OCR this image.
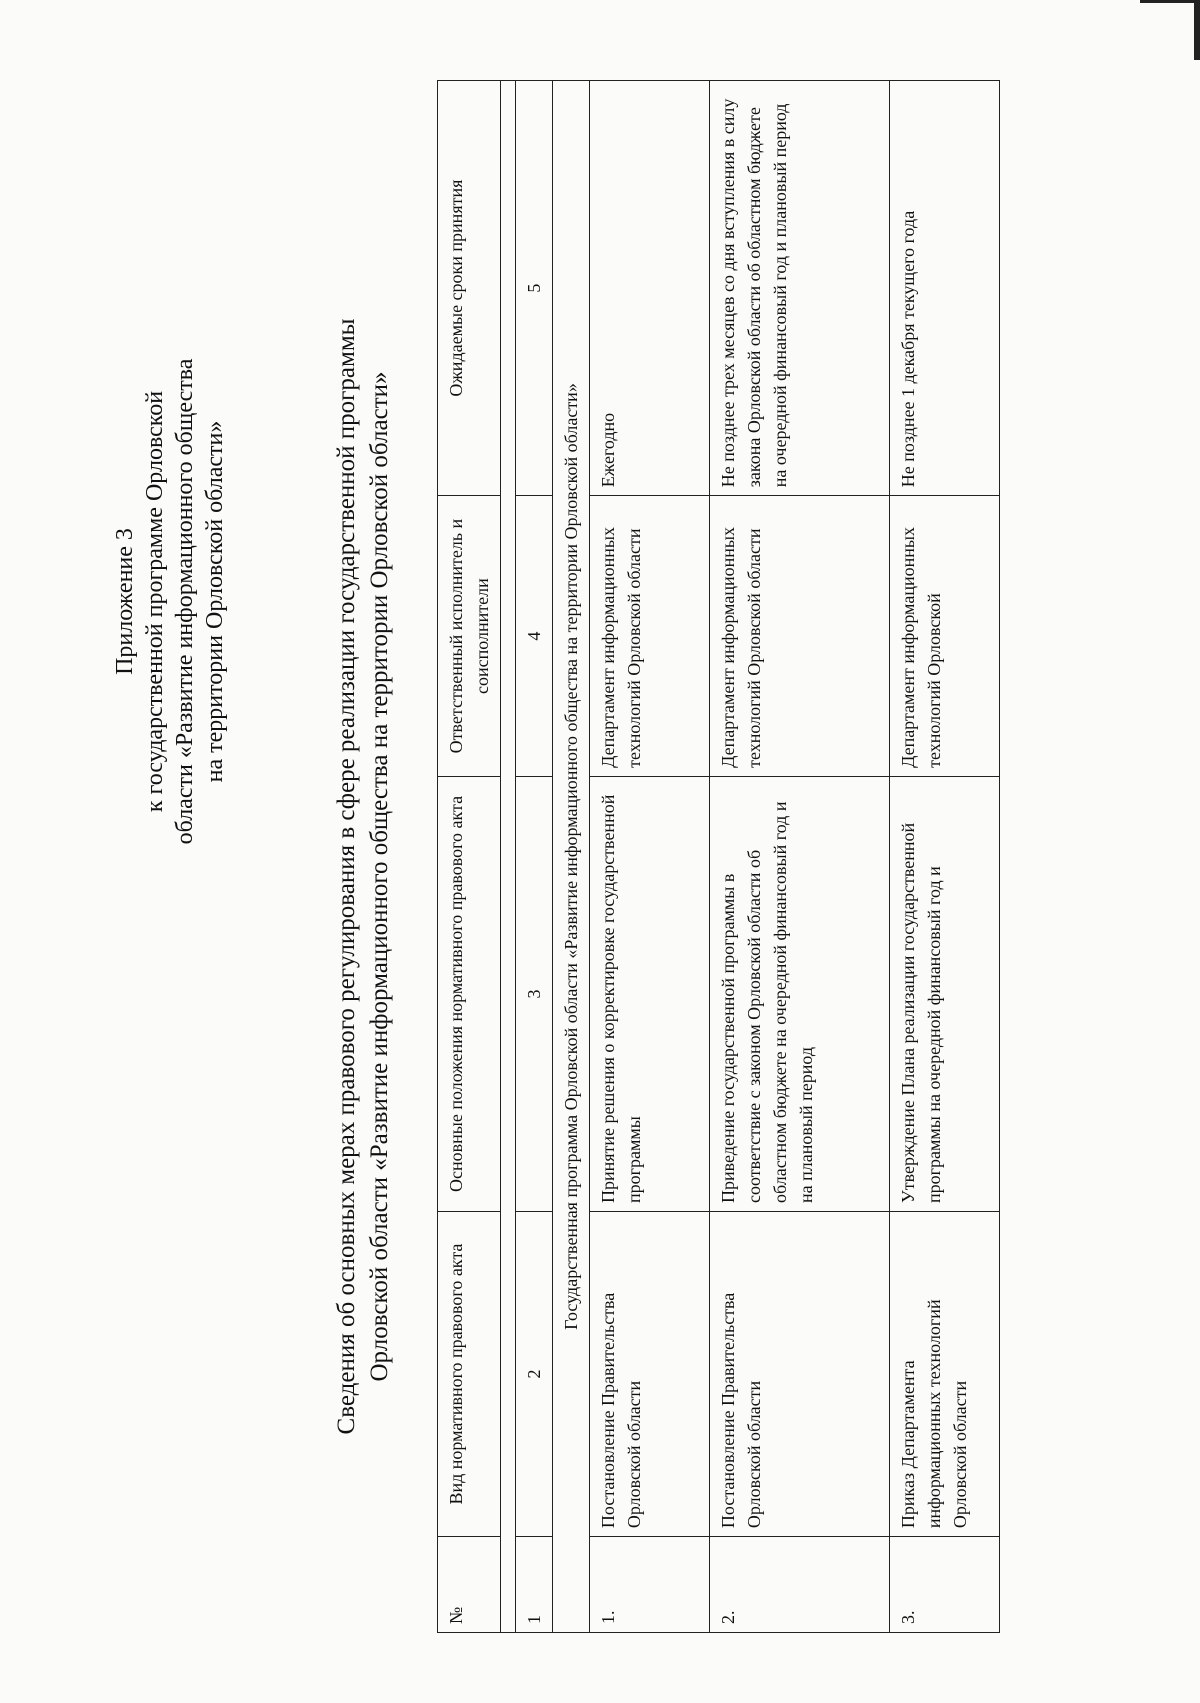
Приложение 3 к государственной программе Орловской области «Развитие информационного общества на территории Орловской области»	Сведения об основных мерах правового регулирования в сфере реализации государственной программы Орловской области «Развитие информационного общества на территории Орловской области»
№	Вид нормативного правового акта	Основные положения нормативного правового акта	Ответственный исполнитель и соисполнители	Ожидаемые сроки принятия

1	2	3	4	5
Государственная программа Орловской области «Развитие информационного общества на территории Орловской области»				
1.	Постановление Правительства Орловской области	Принятие решения о корректировке государственной программы	Департамент информационных технологий Орловской области	Ежегодно
2.	Постановление Правительства Орловской области	Приведение государственной программы в соответствие с законом Орловской области об областном бюджете на очередной финансовый год и на плановый период	Департамент информационных технологий Орловской области	Не позднее трех месяцев со дня вступления в силу закона Орловской области об областном бюджете на очередной финансовый год и плановый период
3.	Приказ Департамента информационных технологий Орловской области	Утверждение Плана реализации государственной программы на очередной финансовый год и	Департамент информационных технологий Орловской	Не позднее 1 декабря текущего года
